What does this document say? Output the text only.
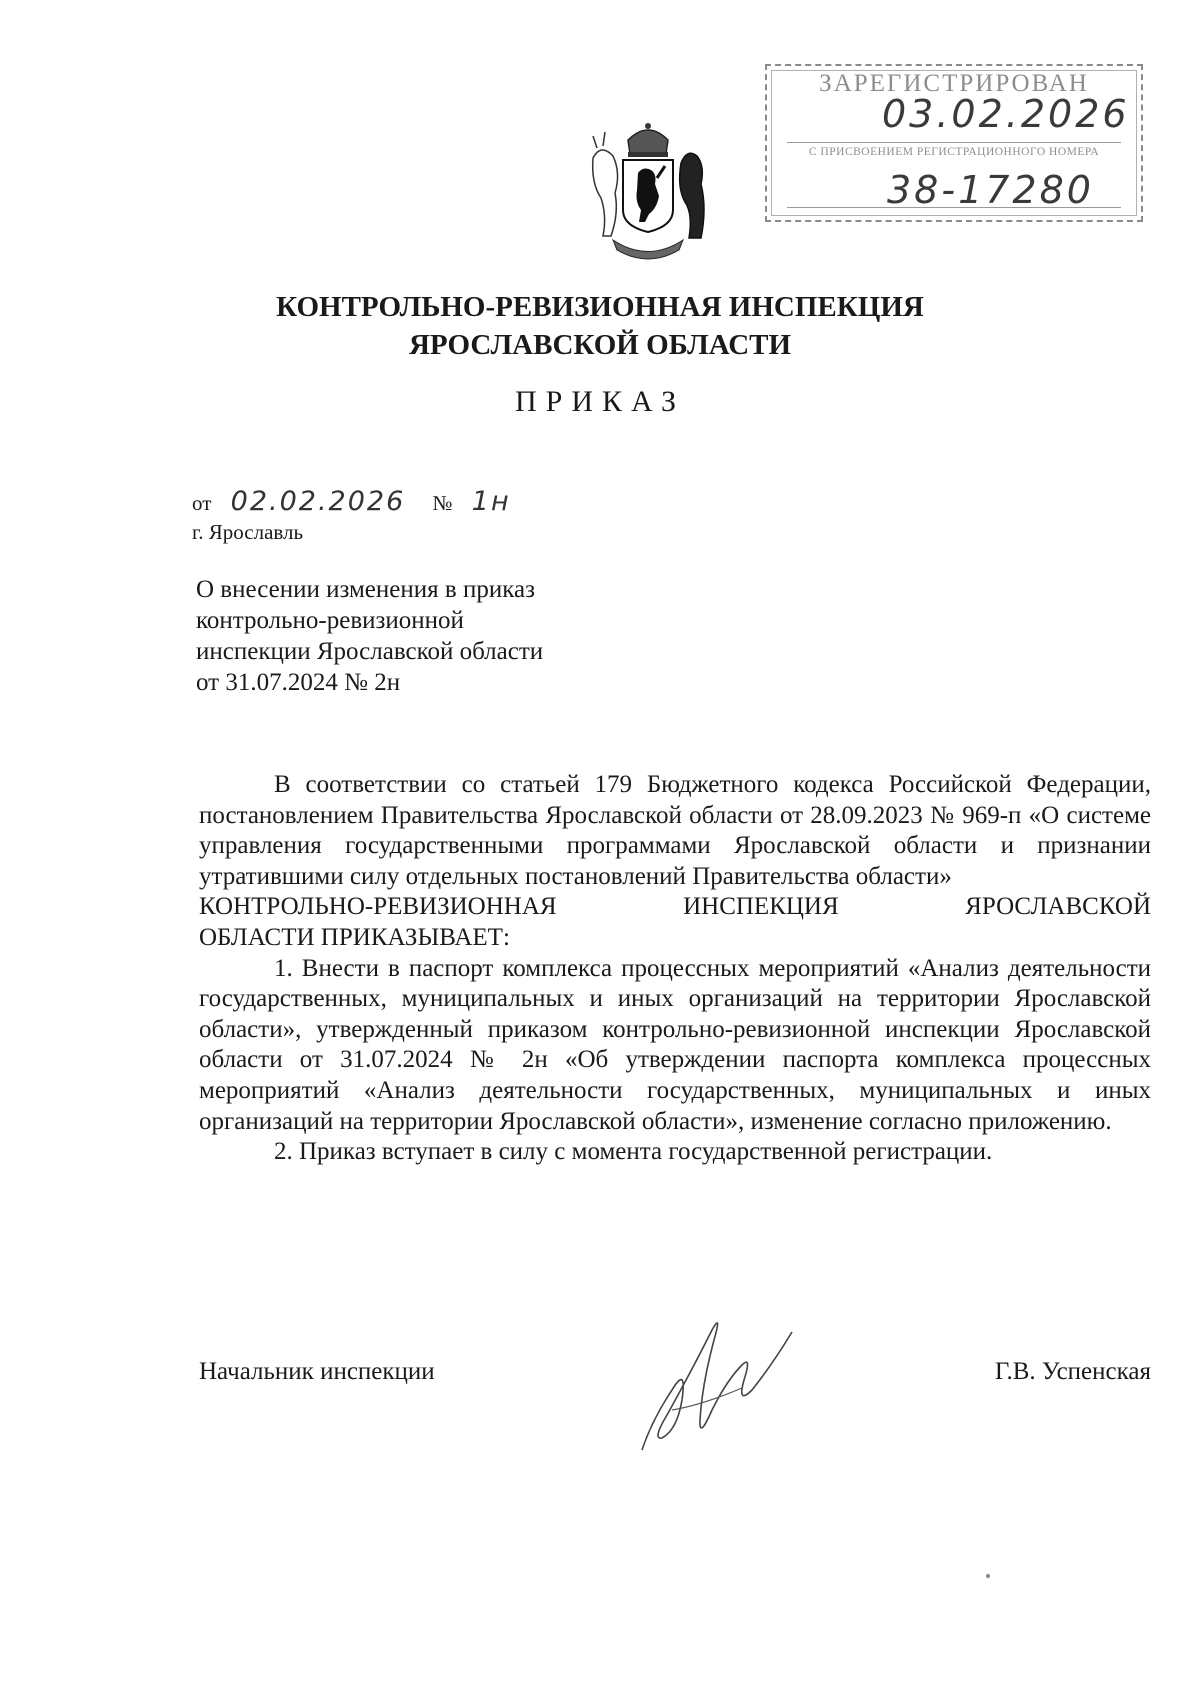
ЗАРЕГИСТРИРОВАН
03.02.2026
С ПРИСВОЕНИЕМ РЕГИСТРАЦИОННОГО НОМЕРА
38-17280
КОНТРОЛЬНО-РЕВИЗИОННАЯ ИНСПЕКЦИЯ
ЯРОСЛАВСКОЙ ОБЛАСТИ
ПРИКАЗ
от 02.02.2026 № 1н
г. Ярославль
О внесении изменения в приказ
контрольно-ревизионной
инспекции Ярославской области
от 31.07.2024 № 2н

В соответствии со статьей 179 Бюджетного кодекса Российской Федерации, постановлением Правительства Ярославской области от 28.09.2023 № 969-п «О системе управления государственными программами Ярославской области и признании утратившими силу отдельных постановлений Правительства области»

КОНТРОЛЬНО-РЕВИЗИОННАЯ ИНСПЕКЦИЯ ЯРОСЛАВСКОЙ

ОБЛАСТИ ПРИКАЗЫВАЕТ:

1. Внести в паспорт комплекса процессных мероприятий «Анализ деятельности государственных, муниципальных и иных организаций на территории Ярославской области», утвержденный приказом контрольно-ревизионной инспекции Ярославской области от 31.07.2024 № 2н «Об утверждении паспорта комплекса процессных мероприятий «Анализ деятельности государственных, муниципальных и иных организаций на территории Ярославской области», изменение согласно приложению.

2. Приказ вступает в силу с момента государственной регистрации.

Начальник инспекции	Г.В. Успенская
